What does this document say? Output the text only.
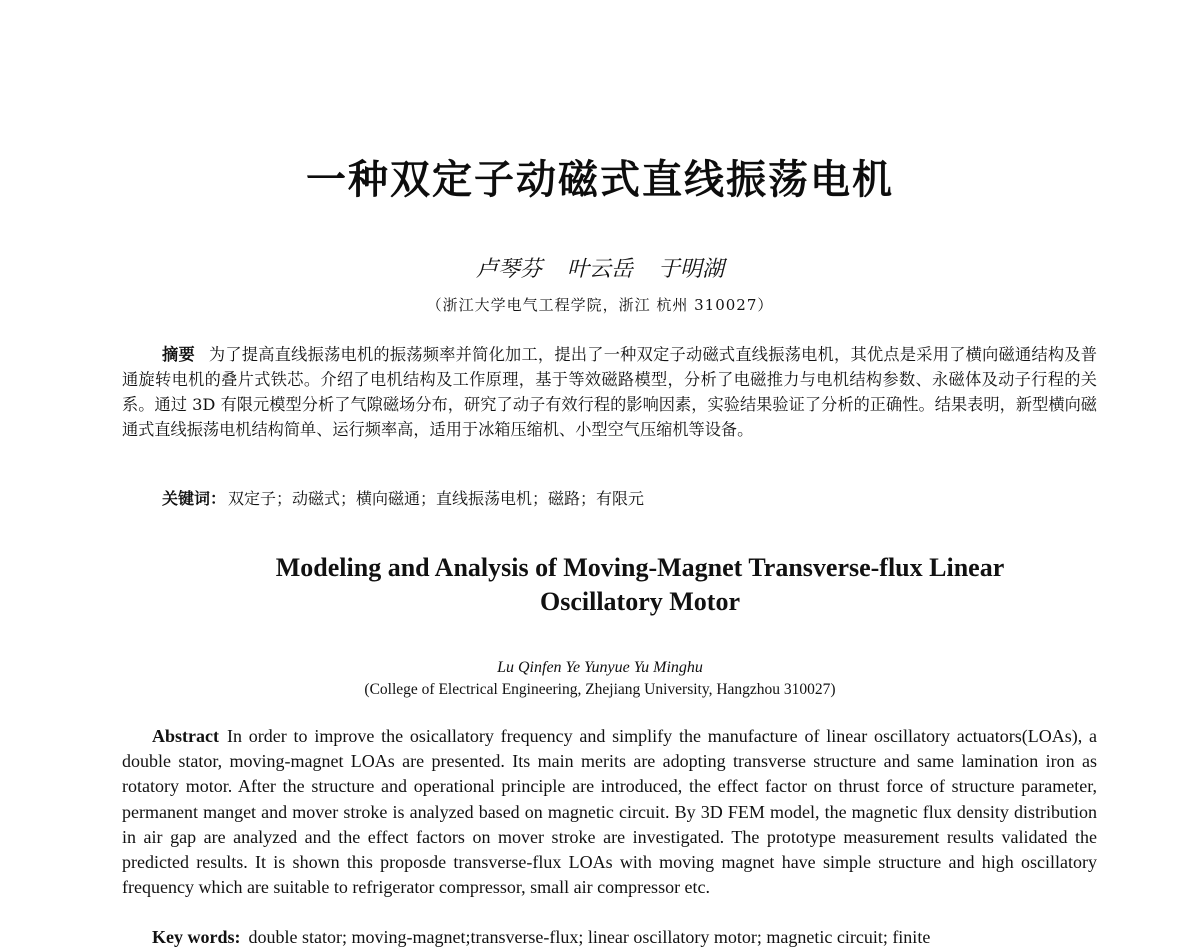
一种双定子动磁式直线振荡电机
卢琴芬 叶云岳 于明湖
（浙江大学电气工程学院，浙江 杭州 310027）
摘要 为了提高直线振荡电机的振荡频率并简化加工，提出了一种双定子动磁式直线振荡电机，其优点是采用了横向磁通结构及普通旋转电机的叠片式铁芯。介绍了电机结构及工作原理，基于等效磁路模型，分析了电磁推力与电机结构参数、永磁体及动子行程的关系。通过 3D 有限元模型分析了气隙磁场分布，研究了动子有效行程的影响因素，实验结果验证了分析的正确性。结果表明，新型横向磁通式直线振荡电机结构简单、运行频率高，适用于冰箱压缩机、小型空气压缩机等设备。
关键词： 双定子；动磁式；横向磁通；直线振荡电机；磁路；有限元
Modeling and Analysis of Moving-Magnet Transverse-flux Linear
Oscillatory Motor
Lu Qinfen Ye Yunyue Yu Minghu
(College of Electrical Engineering, Zhejiang University, Hangzhou 310027)
Abstract In order to improve the osicallatory frequency and simplify the manufacture of linear oscillatory actuators(LOAs), a double stator, moving-magnet LOAs are presented. Its main merits are adopting transverse structure and same lamination iron as rotatory motor. After the structure and operational principle are introduced, the effect factor on thrust force of structure parameter, permanent manget and mover stroke is analyzed based on magnetic circuit. By 3D FEM model, the magnetic flux density distribution in air gap are analyzed and the effect factors on mover stroke are investigated. The prototype measurement results validated the predicted results. It is shown this proposde transverse-flux LOAs with moving magnet have simple structure and high oscillatory frequency which are suitable to refrigerator compressor, small air compressor etc.
Key words: double stator; moving-magnet;transverse-flux; linear oscillatory motor; magnetic circuit; finite
